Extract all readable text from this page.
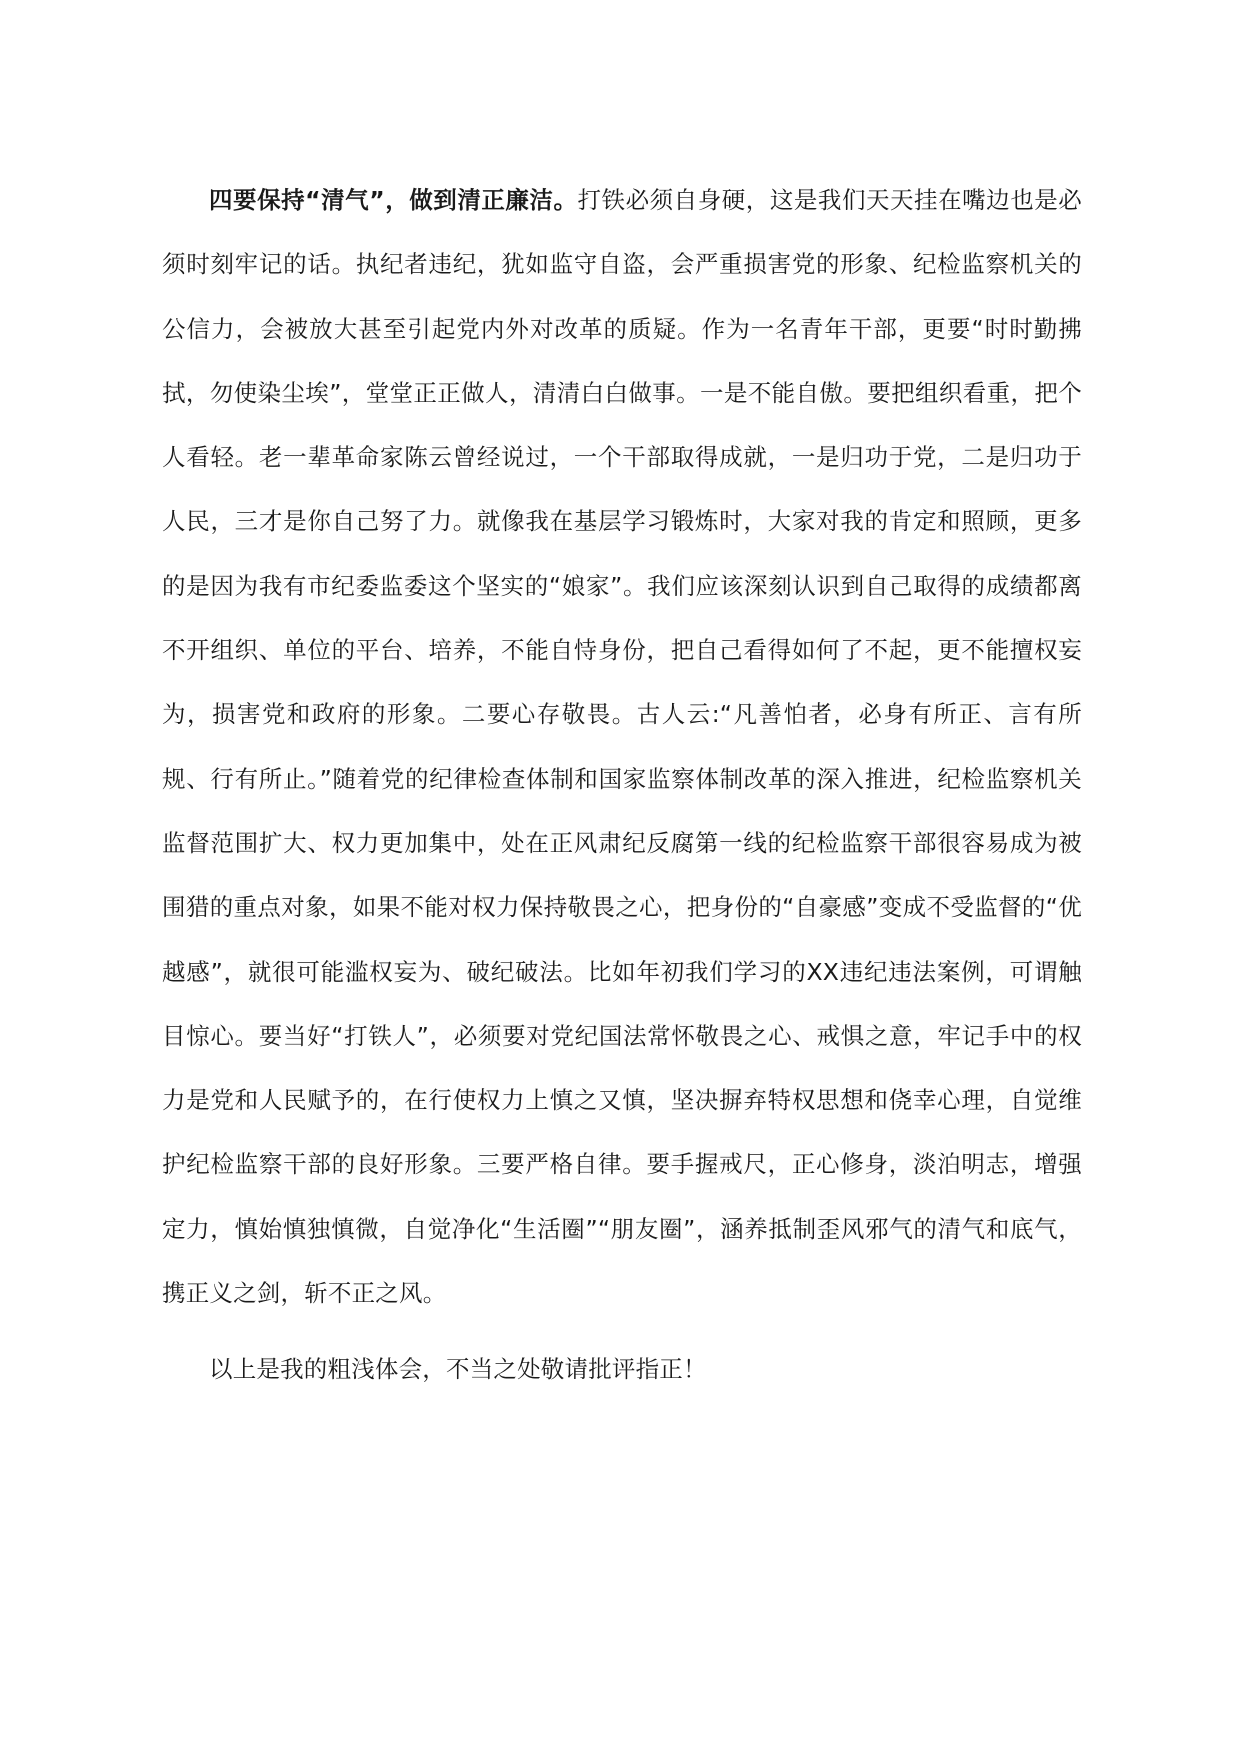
四要保持“清气”，做到清正廉洁。打铁必须自身硬，这是我们天天挂在嘴边也是必须时刻牢记的话。执纪者违纪，犹如监守自盗，会严重损害党的形象、纪检监察机关的公信力，会被放大甚至引起党内外对改革的质疑。作为一名青年干部，更要“时时勤拂拭，勿使染尘埃”，堂堂正正做人，清清白白做事。一是不能自傲。要把组织看重，把个人看轻。老一辈革命家陈云曾经说过，一个干部取得成就，一是归功于党，二是归功于人民，三才是你自己努了力。就像我在基层学习锻炼时，大家对我的肯定和照顾，更多的是因为我有市纪委监委这个坚实的“娘家”。我们应该深刻认识到自己取得的成绩都离不开组织、单位的平台、培养，不能自恃身份，把自己看得如何了不起，更不能擅权妄为，损害党和政府的形象。二要心存敬畏。古人云:“凡善怕者，必身有所正、言有所规、行有所止。”随着党的纪律检查体制和国家监察体制改革的深入推进，纪检监察机关监督范围扩大、权力更加集中，处在正风肃纪反腐第一线的纪检监察干部很容易成为被围猎的重点对象，如果不能对权力保持敬畏之心，把身份的“自豪感”变成不受监督的“优越感”，就很可能滥权妄为、破纪破法。比如年初我们学习的XX违纪违法案例，可谓触目惊心。要当好“打铁人”，必须要对党纪国法常怀敬畏之心、戒惧之意，牢记手中的权力是党和人民赋予的，在行使权力上慎之又慎，坚决摒弃特权思想和侥幸心理，自觉维护纪检监察干部的良好形象。三要严格自律。要手握戒尺，正心修身，淡泊明志，增强定力，慎始慎独慎微，自觉净化“生活圈”“朋友圈”，涵养抵制歪风邪气的清气和底气，携正义之剑，斩不正之风。

以上是我的粗浅体会，不当之处敬请批评指正！
